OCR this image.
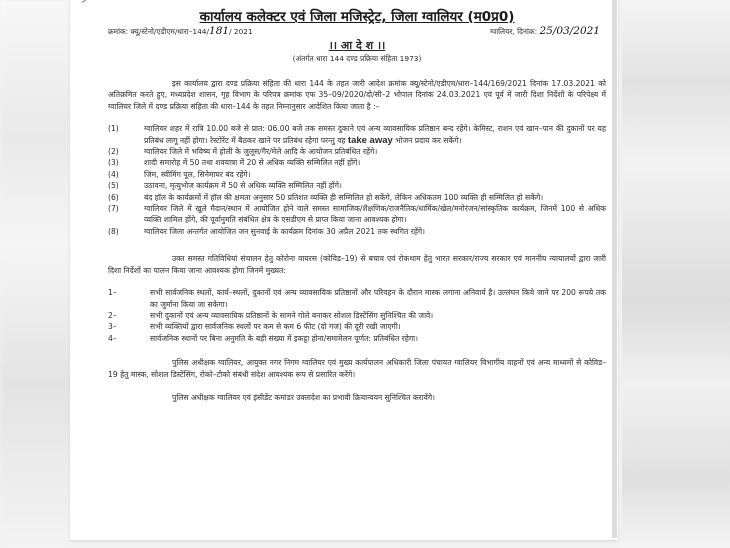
कार्यालय कलेक्टर एवं जिला मजिस्ट्रेट, जिला ग्वालियर (म0प्र0)
क्रमांक: क्यू/स्टेनो/एडीएम/धारा–144/181/ 2021	ग्वालियर, दिनांक: 25/03/2021
।। आ दे श ।।
(अंतर्गत धारा 144 दण्ड प्रक्रिया संहिता 1973)

इस कार्यालय द्वारा दण्ड प्रक्रिया संहिता की धारा 144 के तहत जारी आदेश क्रमांक क्यू/स्टेनो/एडीएम/धारा–144/169/2021 दिनांक 17.03.2021 को अतिक्रमित करते हुए, मध्यप्रदेश शासन, गृह विभाग के परिपत्र क्रमांक एफ 35–09/2020/दो/सी–2 भोपाल दिनांक 24.03.2021 एवं पूर्व में जारी दिशा निर्देशों के परिपेक्ष्य में ग्वालियर जिले में दण्ड प्रक्रिया संहिता की धारा–144 के तहत निम्नानुसार आदेशित किया जाता है :–

(1)	ग्वालियर शहर में रात्रि 10.00 बजे से प्रात: 06.00 बजे तक समस्त दुकाने एवं अन्य व्यावसायिक प्रतिष्ठान बन्द रहेंगे। केमिस्ट, राशन एवं खान–पान की दुकानों पर यह प्रतिबंध लागू नहीं होगा। रेस्टोरेंट में बैठकर खाने पर प्रतिबंध रहेगा परन्तु वह take away भोजन प्रदाय कर सकेंगे।
(2)	ग्वालियर जिले में भविष्य में होली के जुलूस/गैर/मेले आदि के आयोजन प्रतिबंधित रहेंगे।
(3)	शादी समारोह में 50 तथा शवयात्रा में 20 से अधिक व्यक्ति सम्मिलित नहीं होंगे।
(4)	जिम, स्वीमिंग पूल, सिनेमाघर बंद रहेंगे।
(5)	उठावना, मृत्युभोज कार्यक्रम में 50 से अधिक व्यक्ति सम्मिलित नहीं होंगे।
(6)	बंद हॉल के कार्यक्रमों में हॉल की क्षमता अनुसार 50 प्रतिशत व्यक्ति ही सम्मिलित हो सकेंगे, लेकिन अधिकतम 100 व्यक्ति ही सम्मिलित हो सकेंगे।
(7)	ग्वालियर जिले में खुले मैदान/स्थान में आयोजित होने वाले समस्त सामाजिक/शैक्षणिक/राजनैतिक/धार्मिक/खेल/मनोरंजन/सांस्कृतिक कार्यक्रम, जिनमें 100 से अधिक व्यक्ति शामिल होंगे, की पूर्वानुमति संबंधित क्षेत्र के एसडीएम से प्राप्त किया जाना आवश्यक होगा।
(8)	ग्वालियर जिला अन्तर्गत आयोजित जन सुनवाई के कार्यक्रम दिनांक 30 अप्रैल 2021 तक स्थगित रहेंगे।

उक्त समस्त गतिविधियां संचालन हेतु कोरोना वायरस (कोविड–19) से बचाव एवं रोकथाम हेतु भारत सरकार/राज्य सरकार एवं माननीय न्यायालयों द्वारा जारी दिशा निर्देशों का पालन किया जाना आवश्यक होगा जिनमें मुख्यत:

1–	सभी सार्वजनिक स्थलों, कार्य–स्थलों, दुकानों एवं अन्य व्यावसायिक प्रतिष्ठानों और परिवहन के दौरान मास्क लगाना अनिवार्य है। उल्लंघन किये जाने पर 200 रूपये तक का जुर्माना किया जा सकेगा।
2–	सभी दुकानों एवं अन्य व्यावसायिक प्रतिष्ठानों के सामने गोले बनाकर सोशल डिस्टेंसिंग सुनिश्चित की जावे।
3–	सभी व्यक्तियों द्वारा सार्वजनिक स्थलों पर कम से कम 6 फीट (दो गज) की दूरी रखी जाएगी।
4–	सार्वजनिक स्थानों पर बिना अनुमति के बड़ी संख्या में इकट्ठा होना/समामेलन पूर्णत: प्रतिबंधित रहेगा।

पुलिस अधीक्षक ग्वालियर, आयुक्त नगर निगम ग्वालियर एवं मुख्य कार्यपालन अधिकारी जिला पंचायत ग्वालियर विभागीय वाहनों एवं अन्य माध्यमों से कोविड–19 हेतु मास्क, सोशल डिस्टेंसिंग, रोको–टोको संबंधी संदेश आवश्यक रूप से प्रसारित करेंगे।

पुलिस अधीक्षक ग्वालियर एवं इंसीडेंट कमांडर उक्तादेश का प्रभावी क्रियान्वयन सुनिश्चित करावेंगे।
